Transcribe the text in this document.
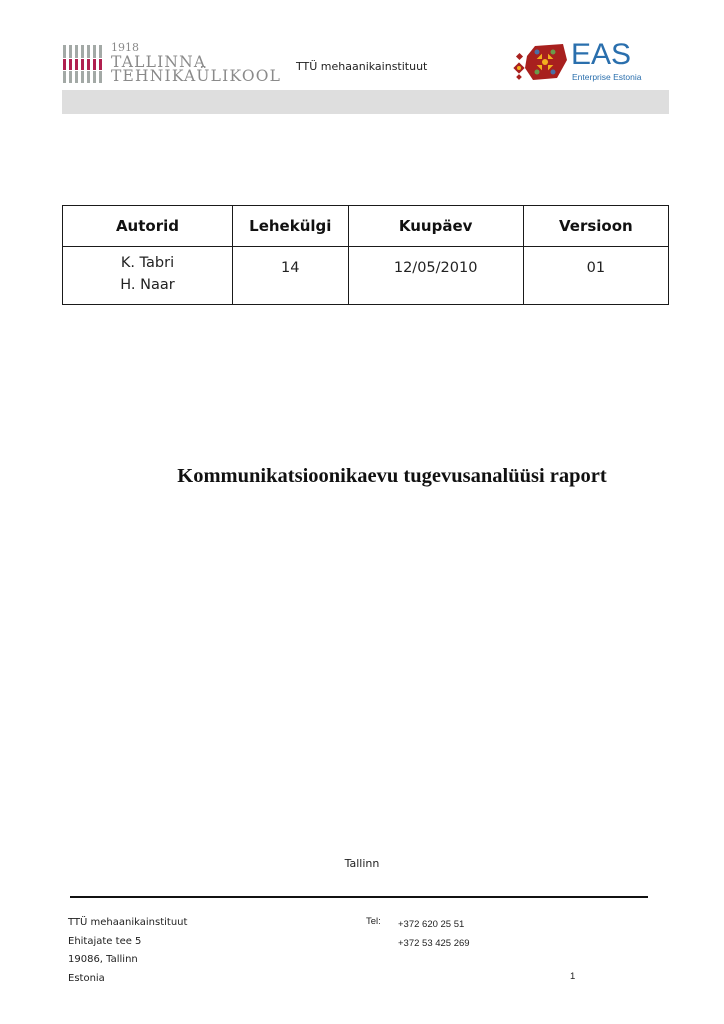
1918
TALLINNA
TEHNIKAÜLIKOOL
TTÜ mehaanikainstituut	EAS
Enterprise Estonia
Autorid	Lehekülgi	Kuupäev	Versioon

K. Tabri
H. Naar	14	12/05/2010	01
Kommunikatsioonikaevu tugevusanalüüsi raport
Tallinn
TTÜ mehaanikainstituut
Ehitajate tee 5
19086, Tallinn
Estonia
Tel: +372 620 25 51
+372 53 425 269
1
